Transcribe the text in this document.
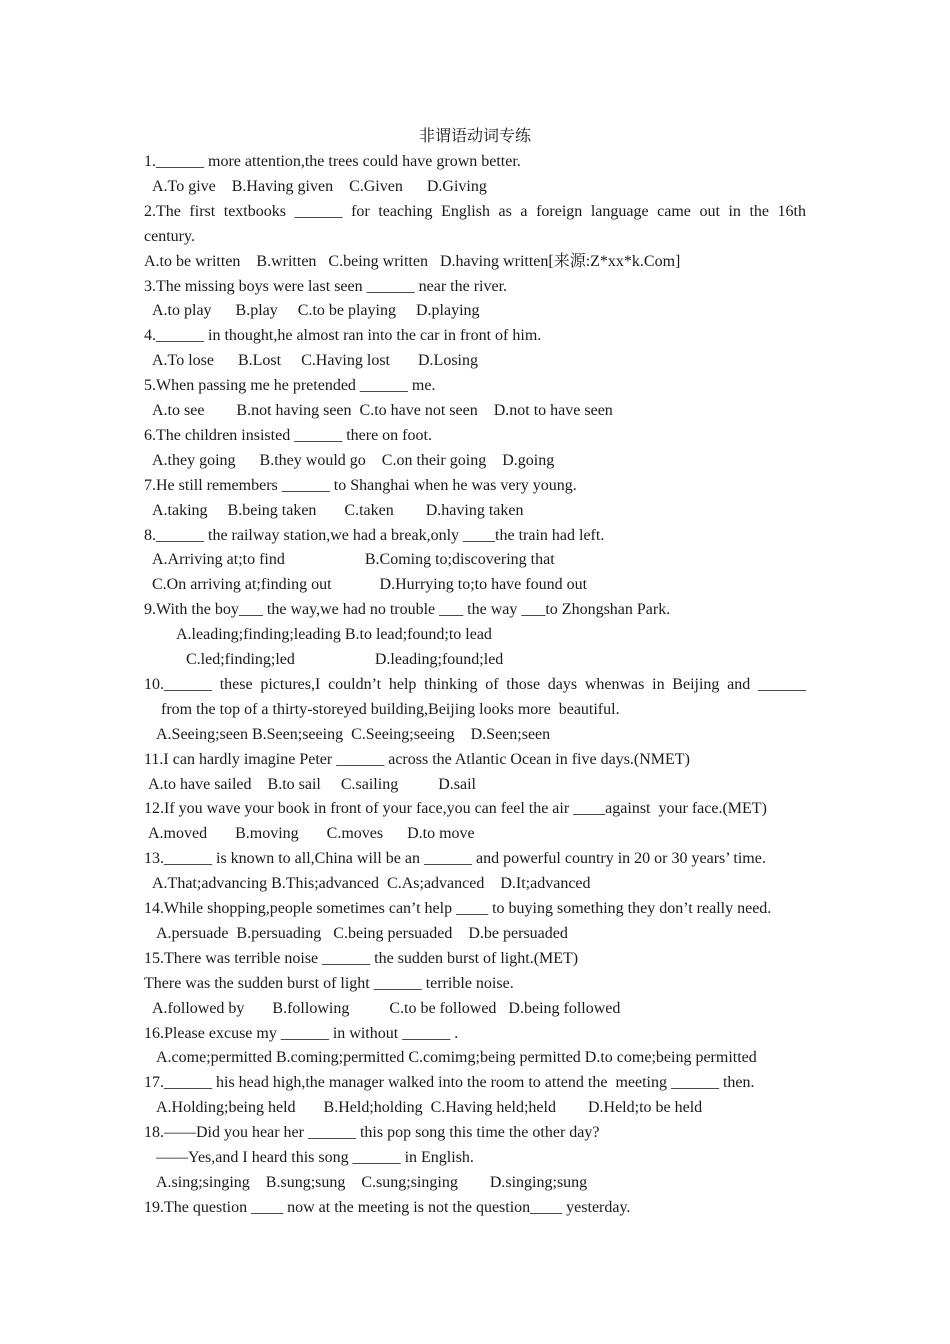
非谓语动词专练
1.______ more attention,the trees could have grown better.
A.To give    B.Having given    C.Given      D.Giving
2.The first textbooks ______ for teaching English as a foreign language came out in the 16th
century.
A.to be written    B.written   C.being written   D.having written[来源:Z*xx*k.Com]
3.The missing boys were last seen ______ near the river.
A.to play      B.play     C.to be playing     D.playing
4.______ in thought,he almost ran into the car in front of him.
A.To lose      B.Lost     C.Having lost       D.Losing
5.When passing me he pretended ______ me.
A.to see        B.not having seen  C.to have not seen    D.not to have seen
6.The children insisted ______ there on foot.
A.they going      B.they would go    C.on their going    D.going
7.He still remembers ______ to Shanghai when he was very young.
A.taking     B.being taken       C.taken        D.having taken
8.______ the railway station,we had a break,only ____the train had left.
A.Arriving at;to find                    B.Coming to;discovering that
C.On arriving at;finding out            D.Hurrying to;to have found out
9.With the boy___ the way,we had no trouble ___ the way ___to Zhongshan Park.
A.leading;finding;leading B.to lead;found;to lead
C.led;finding;led                    D.leading;found;led
10.______ these pictures,I couldn’t help thinking of those days whenwas in Beijing and ______
from the top of a thirty-storeyed building,Beijing looks more  beautiful.
A.Seeing;seen B.Seen;seeing  C.Seeing;seeing    D.Seen;seen
11.I can hardly imagine Peter ______ across the Atlantic Ocean in five days.(NMET)
A.to have sailed    B.to sail     C.sailing          D.sail
12.If you wave your book in front of your face,you can feel the air ____against  your face.(MET)
A.moved       B.moving       C.moves      D.to move
13.______ is known to all,China will be an ______ and powerful country in 20 or 30 years’ time.
A.That;advancing B.This;advanced  C.As;advanced    D.It;advanced
14.While shopping,people sometimes can’t help ____ to buying something they don’t really need.
A.persuade  B.persuading   C.being persuaded    D.be persuaded
15.There was terrible noise ______ the sudden burst of light.(MET)
There was the sudden burst of light ______ terrible noise.
A.followed by       B.following          C.to be followed   D.being followed
16.Please excuse my ______ in without ______ .
A.come;permitted B.coming;permitted C.comimg;being permitted D.to come;being permitted
17.______ his head high,the manager walked into the room to attend the  meeting ______ then.
A.Holding;being held       B.Held;holding  C.Having held;held        D.Held;to be held
18.——Did you hear her ______ this pop song this time the other day?
——Yes,and I heard this song ______ in English.
A.sing;singing    B.sung;sung    C.sung;singing        D.singing;sung
19.The question ____ now at the meeting is not the question____ yesterday.
